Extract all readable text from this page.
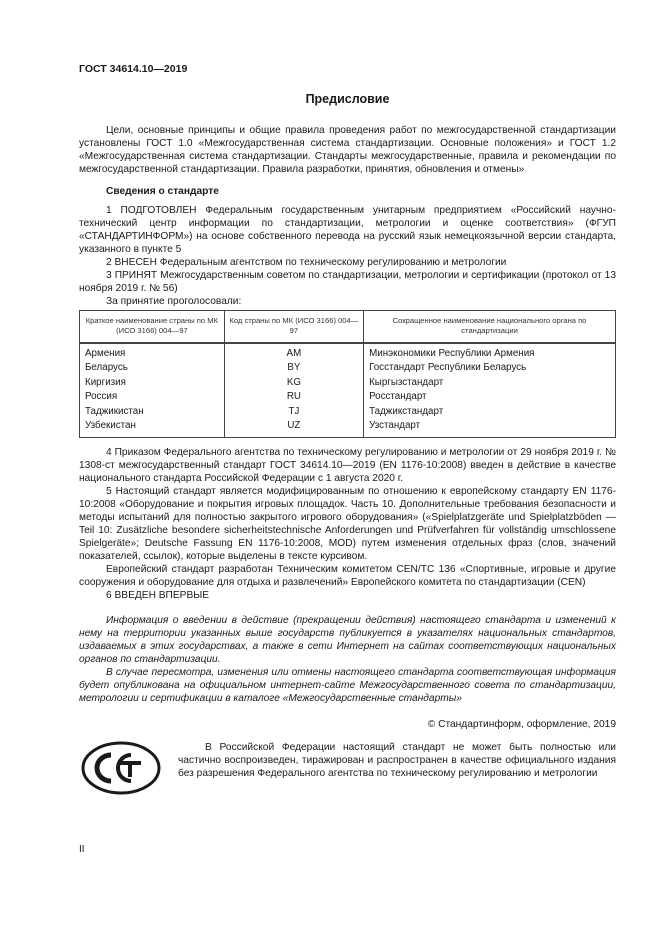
ГОСТ 34614.10—2019
Предисловие

Цели, основные принципы и общие правила проведения работ по межгосударственной стандартизации установлены ГОСТ 1.0 «Межгосударственная система стандартизации. Основные положения» и ГОСТ 1.2 «Межгосударственная система стандартизации. Стандарты межгосударственные, правила и рекомендации по межгосударственной стандартизации. Правила разработки, принятия, обновления и отмены»

Сведения о стандарте

1 ПОДГОТОВЛЕН Федеральным государственным унитарным предприятием «Российский научно-технический центр информации по стандартизации, метрологии и оценке соответствия» (ФГУП «СТАНДАРТИНФОРМ») на основе собственного перевода на русский язык немецкоязычной версии стандарта, указанного в пункте 5

2 ВНЕСЕН Федеральным агентством по техническому регулированию и метрологии

3 ПРИНЯТ Межгосударственным советом по стандартизации, метрологии и сертификации (протокол от 13 ноября 2019 г. № 56)

За принятие проголосовали:

Краткое наименование страны по МК (ИСО 3166) 004—97	Код страны по МК (ИСО 3166) 004—97	Сокращенное наименование национального органа по стандартизации
Армения	AM	Минэкономики Республики Армения
Беларусь	BY	Госстандарт Республики Беларусь
Киргизия	KG	Кыргызстандарт
Россия	RU	Росстандарт
Таджикистан	TJ	Таджикстандарт
Узбекистан	UZ	Узстандарт

4 Приказом Федерального агентства по техническому регулированию и метрологии от 29 ноября 2019 г. № 1308-ст межгосударственный стандарт ГОСТ 34614.10—2019 (EN 1176-10:2008) введен в действие в качестве национального стандарта Российской Федерации с 1 августа 2020 г.

5 Настоящий стандарт является модифицированным по отношению к европейскому стандарту EN 1176-10:2008 «Оборудование и покрытия игровых площадок. Часть 10. Дополнительные требования безопасности и методы испытаний для полностью закрытого игрового оборудования» («Spielplatzgeräte und Spielplatzböden — Teil 10: Zusätzliche besondere sicherheitstechnische Anforderungen und Prüfverfahren für vollständig umschlossene Spielgeräte»; Deutsche Fassung EN 1176-10:2008, MOD) путем изменения отдельных фраз (слов, значений показателей, ссылок), которые выделены в тексте курсивом.

Европейский стандарт разработан Техническим комитетом CEN/TC 136 «Спортивные, игровые и другие сооружения и оборудование для отдыха и развлечений» Европейского комитета по стандартизации (CEN)

6 ВВЕДЕН ВПЕРВЫЕ

Информация о введении в действие (прекращении действия) настоящего стандарта и изменений к нему на территории указанных выше государств публикуется в указателях национальных стандартов, издаваемых в этих государствах, а также в сети Интернет на сайтах соответствующих национальных органов по стандартизации.

В случае пересмотра, изменения или отмены настоящего стандарта соответствующая информация будет опубликована на официальном интернет-сайте Межгосударственного совета по стандартизации, метрологии и сертификации в каталоге «Межгосударственные стандарты»

© Стандартинформ, оформление, 2019

В Российской Федерации настоящий стандарт не может быть полностью или частично воспроизведен, тиражирован и распространен в качестве официального издания без разрешения Федерального агентства по техническому регулированию и метрологии

II
